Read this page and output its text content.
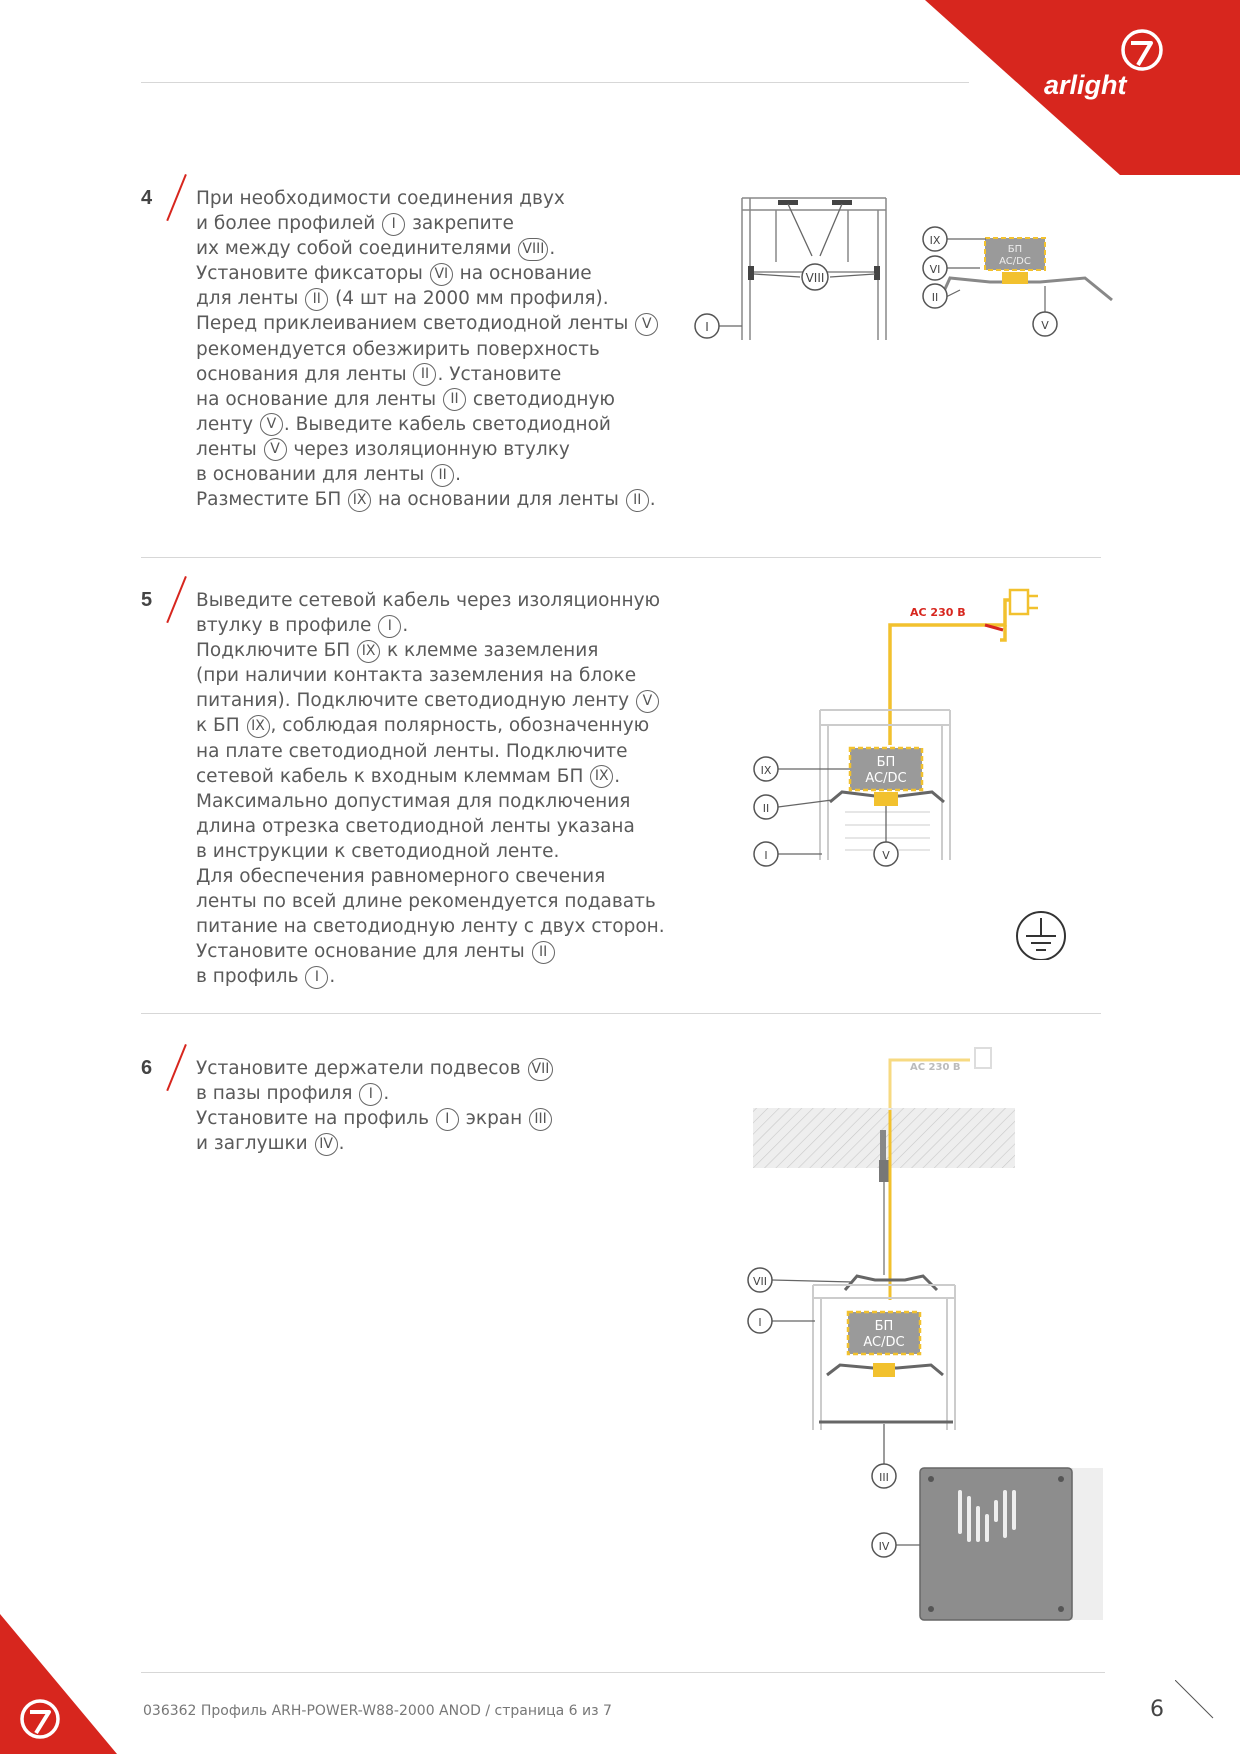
arlight
4 При необходимости соединения двух
и более профилей I закрепите
их между собой соединителями VIII .
Установите фиксаторы VI на основание
для ленты II (4 шт на 2000 мм профиля).
Перед приклеиванием светодиодной ленты V
рекомендуется обезжирить поверхность
основания для ленты II . Установите
на основание для ленты II светодиодную
ленту V . Выведите кабель светодиодной
ленты V через изоляционную втулку
в основании для ленты II .
Разместите БП IX на основании для ленты II .
5 Выведите сетевой кабель через изоляционную
втулку в профиле I .
Подключите БП IX к клемме заземления
(при наличии контакта заземления на блоке
питания). Подключите светодиодную ленту V
к БП IX , соблюдая полярность, обозначенную
на плате светодиодной ленты. Подключите
сетевой кабель к входным клеммам БП IX .
Максимально допустимая для подключения
длина отрезка светодиодной ленты указана
в инструкции к светодиодной ленте.
Для обеспечения равномерного свечения
ленты по всей длине рекомендуется подавать
питание на светодиодную ленту с двух сторон.
Установите основание для ленты II
в профиль I .
6 Установите держатели подвесов VII
в пазы профиля I .
Установите на профиль I экран III
и заглушки IV .
VIII
I
БП
AC/DC
IX
VI
II
V
AC 230 В
БП
AC/DC
IX
II
I	V
AC 230 В
БП
AC/DC
VII
I
III
IV
036362 Профиль ARH-POWER-W88-2000 ANOD / страница 6 из 7	6
